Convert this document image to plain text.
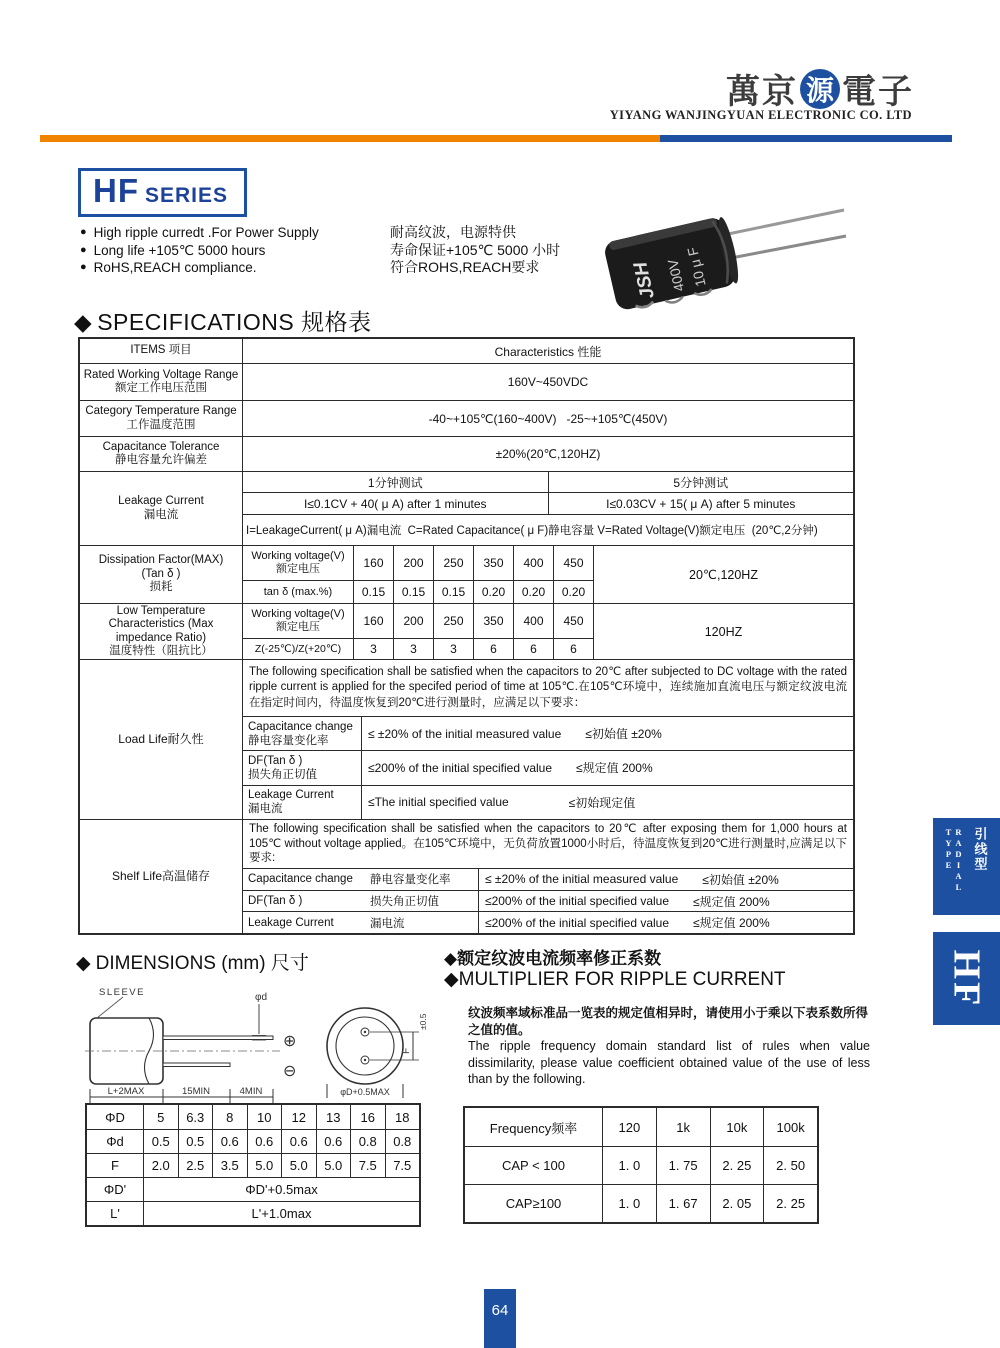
萬京 源 電子
YIYANG WANJINGYUAN ELECTRONIC CO. LTD
HF SERIES
● High ripple curredt .For Power Supply
● Long life +105℃ 5000 hours
● RoHS,REACH compliance.
耐高纹波，电源特供
寿命保证+105℃ 5000 小时
符合ROHS,REACH要求	JSH 400V
10 μ F
◆ SPECIFICATIONS 规格表
ITEMS 项目	Characteristics 性能
Rated Working Voltage Range
额定工作电压范围	160V~450VDC
Category Temperature Range
工作温度范围	-40~+105℃(160~400V)   -25~+105℃(450V)
Capacitance Tolerance
静电容量允许偏差	±20%(20℃,120HZ)
Leakage Current
漏电流
1分钟测试	5分钟测试
I≤0.1CV + 40( μ A) after 1 minutes	I≤0.03CV + 15( μ A) after 5 minutes
I=LeakageCurrent( μ A)漏电流  C=Rated Capacitance( μ F)静电容量 V=Rated Voltage(V)额定电压  (20℃,2分钟)
Dissipation Factor(MAX)
(Tan δ )
损耗
Working voltage(V)
额定电压	160	200	250	350	400	450
tan δ (max.%)	0.15	0.15	0.15	0.20	0.20	0.20
20℃,120HZ
Low Temperature Characteristics (Max impedance Ratio)
温度特性（阻抗比）
Working voltage(V)
额定电压	160	200	250	350	400	450
Z(-25℃)/Z(+20℃)	3	3	3	6	6	6
120HZ
Load Life耐久性
The following specification shall be satisfied when the capacitors to 20℃ after subjected to DC voltage with the rated ripple current is applied for the specifed period of time at 105℃.在105℃环境中，连续施加直流电压与额定纹波电流在指定时间内，待温度恢复到20℃进行测量时，应满足以下要求：
Capacitance change
静电容量变化率	≤ ±20% of the initial measured value ≤初始值 ±20%
DF(Tan δ )
损失角正切值	≤200% of the initial specified value ≤规定值 200%
Leakage Current
漏电流	≤The initial specified value	≤初始现定值
Shelf Life高温储存
The following specification shall be satisfied when the capacitors to 20℃ after exposing them for 1,000 hours at 105℃ without voltage applied。在105℃环境中，无负荷放置1000小时后，待温度恢复到20℃进行测量时,应满足以下要求:
Capacitance change	静电容量变化率	≤ ±20% of the initial measured value ≤初始值 ±20%
DF(Tan δ )	损失角正切值	≤200% of the initial specified value ≤规定值 200%
Leakage Current	漏电流	≤200% of the initial specified value ≤规定值 200%
◆ DIMENSIONS (mm) 尺寸	◆额定纹波电流频率修正系数
◆MULTIPLIER FOR RIPPLE CURRENT
SLEEVE	φd
⊕
⊖
L+2MAX	15MIN	4MIN
F
±0.5
φD+0.5MAX
纹波频率域标准品一览表的规定值相异时，请使用小于乘以下表系数所得之值的值。
The ripple frequency domain standard list of rules when value dissimilarity, please value coefficient obtained value of the use of less than by the following.
ΦD	5	6.3	8	10	12	13	16	18
Φd	0.5	0.5	0.6	0.6	0.6	0.6	0.8	0.8
F	2.0	2.5	3.5	5.0	5.0	5.0	7.5	7.5
ΦD'	ΦD'+0.5max
L'	L'+1.0max
Frequency频率	120	1k	10k	100k
CAP < 100	1. 0	1. 75	2. 25	2. 50
CAP≥100	1. 0	1. 67	2. 05	2. 25
RADIAL TYPE	引线型
HF
64
